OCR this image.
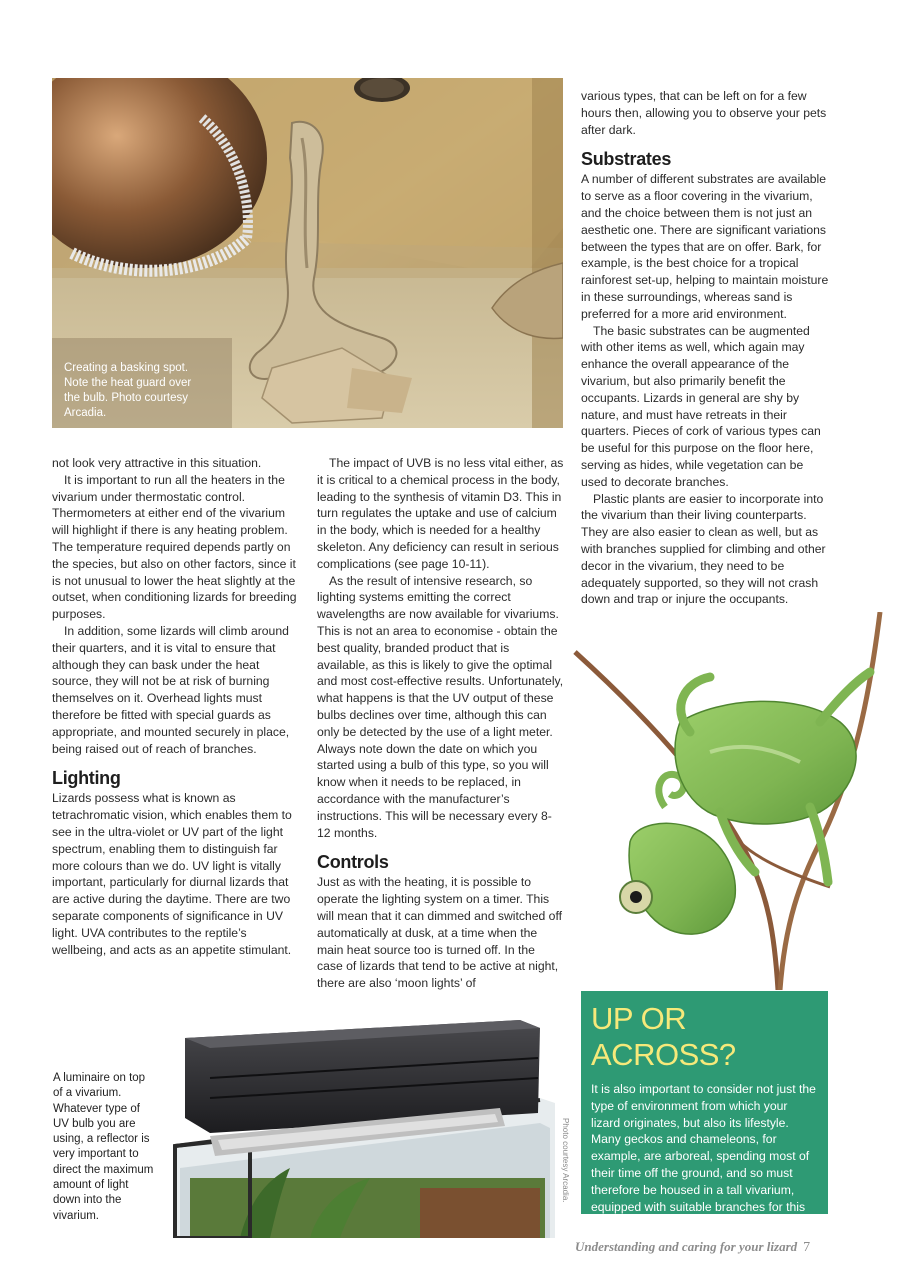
Creating a basking spot. Note the heat guard over the bulb. Photo courtesy Arcadia.

not look very attractive in this situation.

It is important to run all the heaters in the vivarium under thermostatic control. Thermometers at either end of the vivarium will highlight if there is any heating problem. The temperature required depends partly on the species, but also on other factors, since it is not unusual to lower the heat slightly at the outset, when conditioning lizards for breeding purposes.

In addition, some lizards will climb around their quarters, and it is vital to ensure that although they can bask under the heat source, they will not be at risk of burning themselves on it. Overhead lights must therefore be fitted with special guards as appropriate, and mounted securely in place, being raised out of reach of branches.

Lighting

Lizards possess what is known as tetrachromatic vision, which enables them to see in the ultra-violet or UV part of the light spectrum, enabling them to distinguish far more colours than we do. UV light is vitally important, particularly for diurnal lizards that are active during the daytime. There are two separate components of significance in UV light. UVA contributes to the reptile’s wellbeing, and acts as an appetite stimulant.

The impact of UVB is no less vital either, as it is critical to a chemical process in the body, leading to the synthesis of vitamin D3. This in turn regulates the uptake and use of calcium in the body, which is needed for a healthy skeleton. Any deficiency can result in serious complications (see page 10-11).

As the result of intensive research, so lighting systems emitting the correct wavelengths are now available for vivariums. This is not an area to economise - obtain the best quality, branded product that is available, as this is likely to give the optimal and most cost-effective results. Unfortunately, what happens is that the UV output of these bulbs declines over time, although this can only be detected by the use of a light meter. Always note down the date on which you started using a bulb of this type, so you will know when it needs to be replaced, in accordance with the manufacturer’s instructions. This will be necessary every 8-12 months.

Controls

Just as with the heating, it is possible to operate the lighting system on a timer. This will mean that it can dimmed and switched off automatically at dusk, at a time when the main heat source too is turned off. In the case of lizards that tend to be active at night, there are also ‘moon lights’ of

various types, that can be left on for a few hours then, allowing you to observe your pets after dark.

Substrates

A number of different substrates are available to serve as a floor covering in the vivarium, and the choice between them is not just an aesthetic one. There are significant variations between the types that are on offer. Bark, for example, is the best choice for a tropical rainforest set-up, helping to maintain moisture in these surroundings, whereas sand is preferred for a more arid environment.

The basic substrates can be augmented with other items as well, which again may enhance the overall appearance of the vivarium, but also primarily benefit the occupants. Lizards in general are shy by nature, and must have retreats in their quarters. Pieces of cork of various types can be useful for this purpose on the floor here, serving as hides, while vegetation can be used to decorate branches.

Plastic plants are easier to incorporate into the vivarium than their living counterparts. They are also easier to clean as well, but as with branches supplied for climbing and other decor in the vivarium, they need to be adequately supported, so they will not crash down and trap or injure the occupants.

A luminaire on top of a vivarium. Whatever type of UV bulb you are using, a reflector is very important to direct the maximum amount of light down into the vivarium.
Photo courtesy Arcadia.
UP OR ACROSS?

It is also important to consider not just the type of environment from which your lizard originates, but also its lifestyle. Many geckos and chameleons, for example, are arboreal, spending most of their time off the ground, and so must therefore be housed in a tall vivarium, equipped with suitable branches for this purpose, rather than a horizontal design.

Understanding and caring for your lizard 7
